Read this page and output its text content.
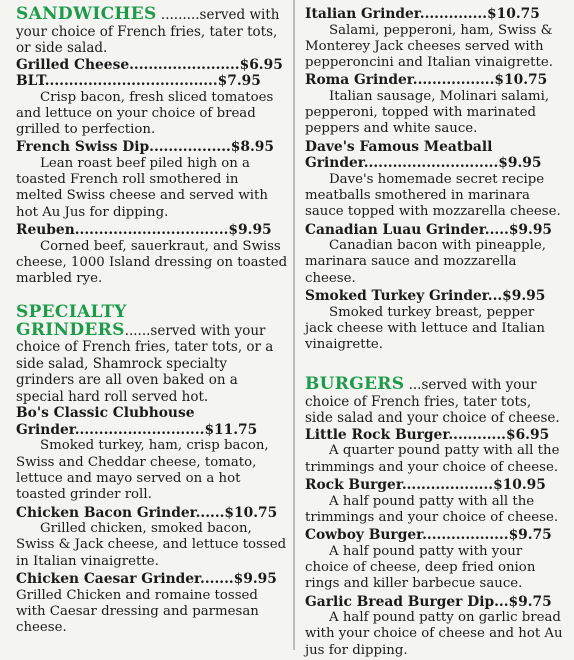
SANDWICHES .........served with your choice of French fries, tater tots, or side salad.

Grilled Cheese.......................$6.95

BLT....................................$7.95

Crisp bacon, fresh sliced tomatoes and lettuce on your choice of bread grilled to perfection.

French Swiss Dip.................$8.95

Lean roast beef piled high on a toasted French roll smothered in melted Swiss cheese and served with hot Au Jus for dipping.

Reuben................................$9.95

Corned beef, sauerkraut, and Swiss cheese, 1000 Island dressing on toasted marbled rye.

SPECIALTY GRINDERS......served with your choice of French fries, tater tots, or a side salad, Shamrock specialty grinders are all oven baked on a special hard roll served hot.

Bo's Classic Clubhouse

Grinder...........................$11.75

Smoked turkey, ham, crisp bacon, Swiss and Cheddar cheese, tomato, lettuce and mayo served on a hot toasted grinder roll.

Chicken Bacon Grinder......$10.75

Grilled chicken, smoked bacon, Swiss & Jack cheese, and lettuce tossed in Italian vinaigrette.

Chicken Caesar Grinder.......$9.95

Grilled Chicken and romaine tossed with Caesar dressing and parmesan cheese.

Italian Grinder..............$10.75

Salami, pepperoni, ham, Swiss & Monterey Jack cheeses served with pepperoncini and Italian vinaigrette.

Roma Grinder.................$10.75

Italian sausage, Molinari salami, pepperoni, topped with marinated peppers and white sauce.

Dave's Famous Meatball

Grinder............................$9.95

Dave's homemade secret recipe meatballs smothered in marinara sauce topped with mozzarella cheese.

Canadian Luau Grinder.....$9.95

Canadian bacon with pineapple, marinara sauce and mozzarella cheese.

Smoked Turkey Grinder...$9.95

Smoked turkey breast, pepper jack cheese with lettuce and Italian vinaigrette.

BURGERS ...served with your choice of French fries, tater tots, side salad and your choice of cheese.

Little Rock Burger............$6.95

A quarter pound patty with all the trimmings and your choice of cheese.

Rock Burger...................$10.95

A half pound patty with all the trimmings and your choice of cheese.

Cowboy Burger..................$9.75

A half pound patty with your choice of cheese, deep fried onion rings and killer barbecue sauce.

Garlic Bread Burger Dip...$9.75

A half pound patty on garlic bread with your choice of cheese and hot Au jus for dipping.
